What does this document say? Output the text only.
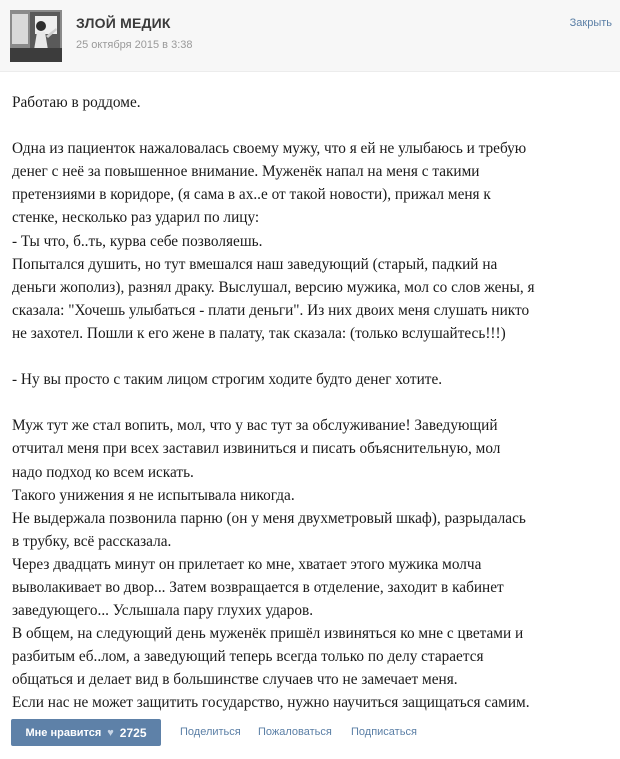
ЗЛОЙ МЕДИК
25 октября 2015 в 3:38
Закрыть
Работаю в роддоме.
Одна из пациенток нажаловалась своему мужу, что я ей не улыбаюсь и требую
денег с неё за повышенное внимание. Муженёк напал на меня с такими
претензиями в коридоре, (я сама в ах..е от такой новости), прижал меня к
стенке, несколько раз ударил по лицу:
- Ты что, б..ть, курва себе позволяешь.
Попытался душить, но тут вмешался наш заведующий (старый, падкий на
деньги жополиз), разнял драку. Выслушал, версию мужика, мол со слов жены, я
сказала: "Хочешь улыбаться - плати деньги". Из них двоих меня слушать никто
не захотел. Пошли к его жене в палату, так сказала: (только вслушайтесь!!!)
- Ну вы просто с таким лицом строгим ходите будто денег хотите.
Муж тут же стал вопить, мол, что у вас тут за обслуживание! Заведующий
отчитал меня при всех заставил извиниться и писать объяснительную, мол
надо подход ко всем искать.
Такого унижения я не испытывала никогда.
Не выдержала позвонила парню (он у меня двухметровый шкаф), разрыдалась
в трубку, всё рассказала.
Через двадцать минут он прилетает ко мне, хватает этого мужика молча
выволакивает во двор... Затем возвращается в отделение, заходит в кабинет
заведующего... Услышала пару глухих ударов.
В общем, на следующий день муженёк пришёл извиняться ко мне с цветами и
разбитым еб..лом, а заведующий теперь всегда только по делу старается
общаться и делает вид в большинстве случаев что не замечает меня.
Если нас не может защитить государство, нужно научиться защищаться самим.
Мне нравится ♥ 2725	Поделиться Пожаловаться Подписаться
